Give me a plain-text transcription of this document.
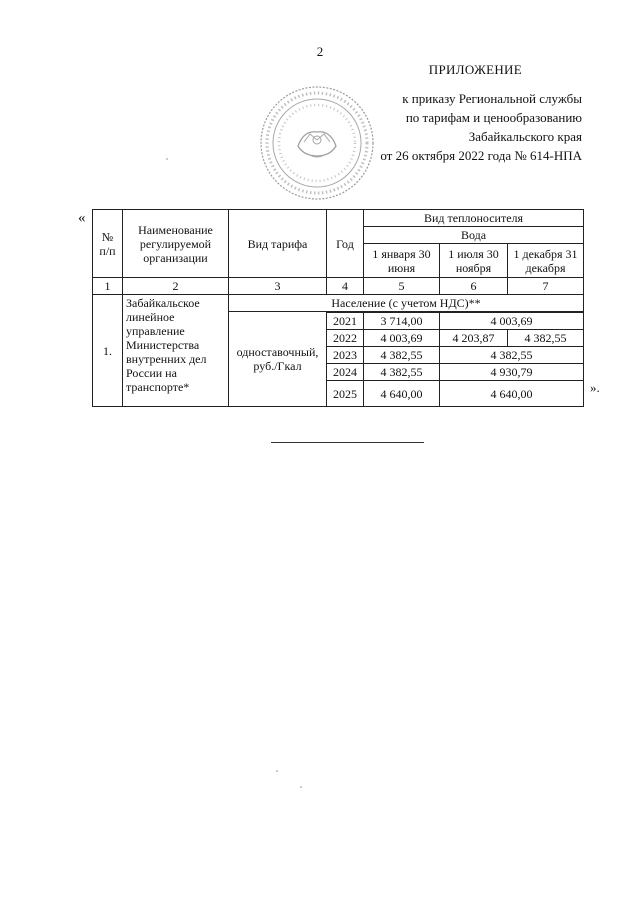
2
ПРИЛОЖЕНИЕ
к приказу Региональной службы
по тарифам и ценообразованию
Забайкальского края
от 26 октября 2022 года № 614-НПА
«
№ п/п	Наименование регулируемой организации	Вид тарифа	Год	Вид теплоносителя		
				Вода		
				1 января 30 июня	1 июля 30 ноября	1 декабря 31 декабря
1	2	3	4	5	6	7
1.	Забайкальское линейное управление Министерства внутренних дел России на транспорте*	Население (с учетом НДС)**				
		одноставочный, руб./Гкал			
			2021	3 714,00	4 003,69	
			2022	4 003,69	4 203,87	4 382,55
			2023	4 382,55	4 382,55	
			2024	4 382,55	4 930,79	
			2025	4 640,00	4 640,00		».
